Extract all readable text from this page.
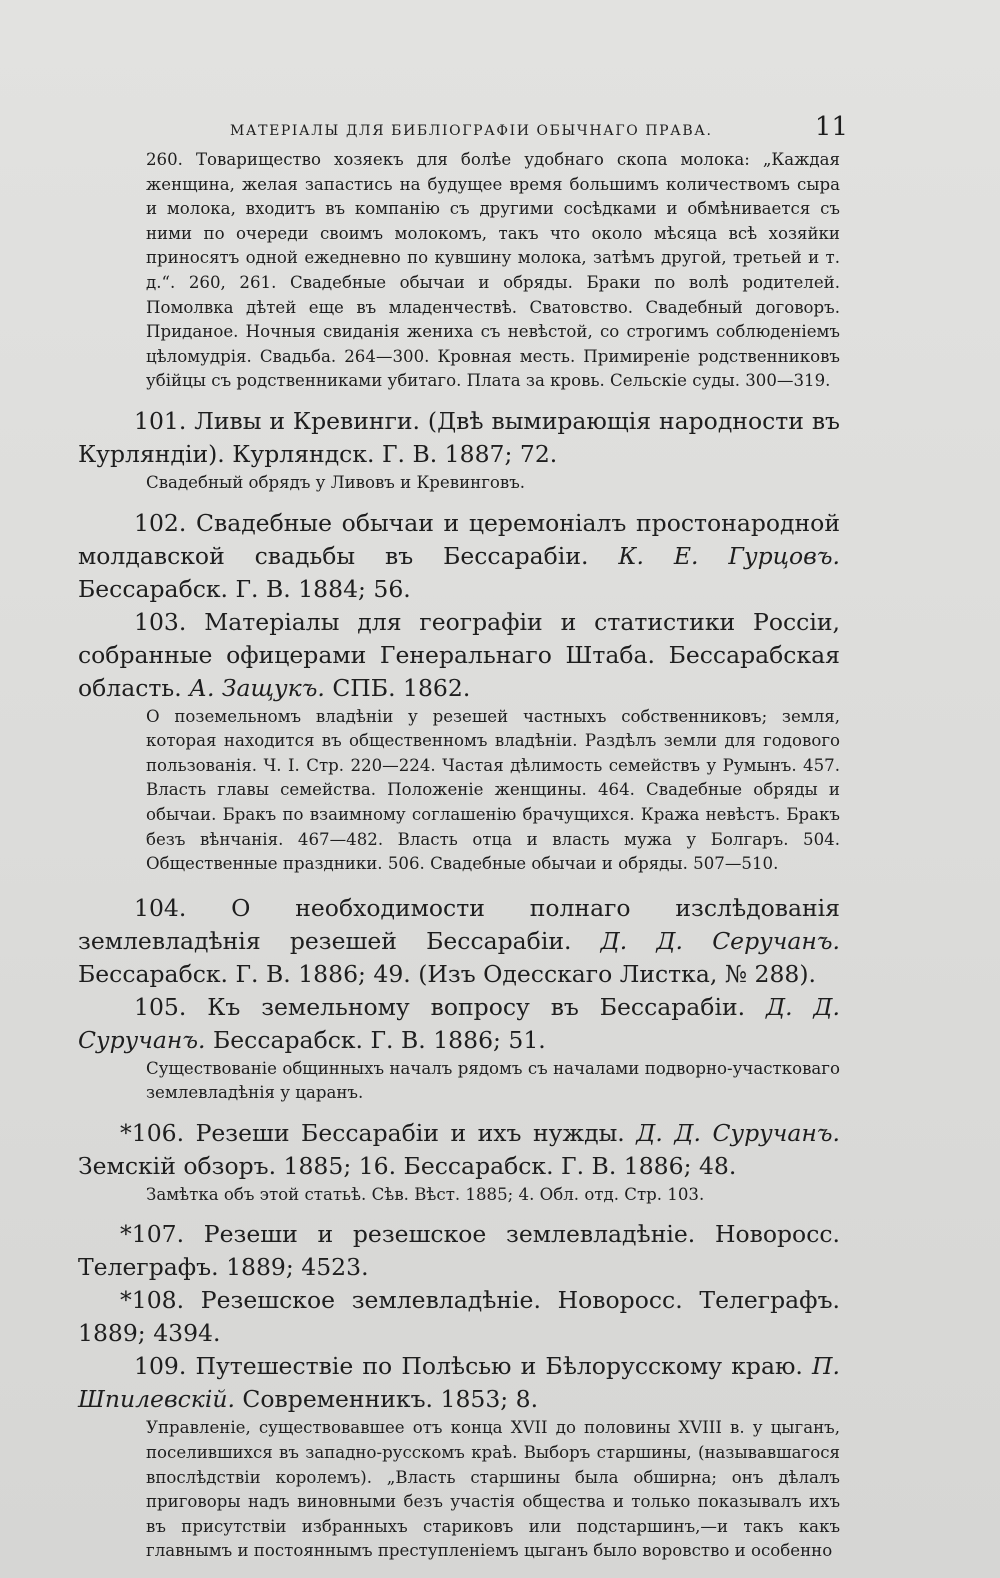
МАТЕРІАЛЫ ДЛЯ БИБЛІОГРАФІИ ОБЫЧНАГО ПРАВА.	11

260. Товарищество хозяекъ для болѣе удобнаго скопа молока: „Каждая женщина, желая запастись на будущее время большимъ количествомъ сыра и молока, входитъ въ компанію съ другими сосѣдками и обмѣнивается съ ними по очереди своимъ молокомъ, такъ что около мѣсяца всѣ хозяйки приносятъ одной ежедневно по кувшину молока, затѣмъ другой, третьей и т. д.“. 260, 261. Свадебные обычаи и обряды. Браки по волѣ родителей. Помолвка дѣтей еще въ младенчествѣ. Сватовство. Свадебный договоръ. Приданое. Ночныя свиданія жениха съ невѣстой, со строгимъ соблюденіемъ цѣломудрія. Свадьба. 264—300. Кровная месть. Примиреніе родственниковъ убійцы съ родственниками убитаго. Плата за кровь. Сельскіе суды. 300—319.

101. Ливы и Кревинги. (Двѣ вымирающія народности въ Курляндіи). Курляндск. Г. В. 1887; 72.

Свадебный обрядъ у Ливовъ и Кревинговъ.

102. Свадебные обычаи и церемоніалъ простонародной молдавской свадьбы въ Бессарабіи. К. Е. Гурцовъ. Бессарабск. Г. В. 1884; 56.

103. Матеріалы для географіи и статистики Россіи, собранные офицерами Генеральнаго Штаба. Бессарабская область. А. Защукъ. СПБ. 1862.

О поземельномъ владѣніи у резешей частныхъ собственниковъ; земля, которая находится въ общественномъ владѣніи. Раздѣлъ земли для годового пользованія. Ч. I. Стр. 220—224. Частая дѣлимость семействъ у Румынъ. 457. Власть главы семейства. Положеніе женщины. 464. Свадебные обряды и обычаи. Бракъ по взаимному соглашенію брачущихся. Кража невѣстъ. Бракъ безъ вѣнчанія. 467—482. Власть отца и власть мужа у Болгаръ. 504. Общественные праздники. 506. Свадебные обычаи и обряды. 507—510.

104. О необходимости полнаго изслѣдованія землевладѣнія резешей Бессарабіи. Д. Д. Серучанъ. Бессарабск. Г. В. 1886; 49. (Изъ Одесскаго Листка, № 288).

105. Къ земельному вопросу въ Бессарабіи. Д. Д. Суручанъ. Бессарабск. Г. В. 1886; 51.

Существованіе общинныхъ началъ рядомъ съ началами подворно-участковаго землевладѣнія у царанъ.

*106. Резеши Бессарабіи и ихъ нужды. Д. Д. Суручанъ. Земскій обзоръ. 1885; 16. Бессарабск. Г. В. 1886; 48.

Замѣтка объ этой статьѣ. Сѣв. Вѣст. 1885; 4. Обл. отд. Стр. 103.

*107. Резеши и резешское землевладѣніе. Новоросс. Телеграфъ. 1889; 4523.

*108. Резешское землевладѣніе. Новоросс. Телеграфъ. 1889; 4394.

109. Путешествіе по Полѣсью и Бѣлорусскому краю. П. Шпилевскій. Современникъ. 1853; 8.

Управленіе, существовавшее отъ конца XVII до половины XVIII в. у цыганъ, поселившихся въ западно-русскомъ краѣ. Выборъ старшины, (называвшагося впослѣдствіи королемъ). „Власть старшины была обширна; онъ дѣлалъ приговоры надъ виновными безъ участія общества и только показывалъ ихъ въ присутствіи избранныхъ стариковъ или подстаршинъ,—и такъ какъ главнымъ и постояннымъ преступленіемъ цыганъ было воровство и особенно
